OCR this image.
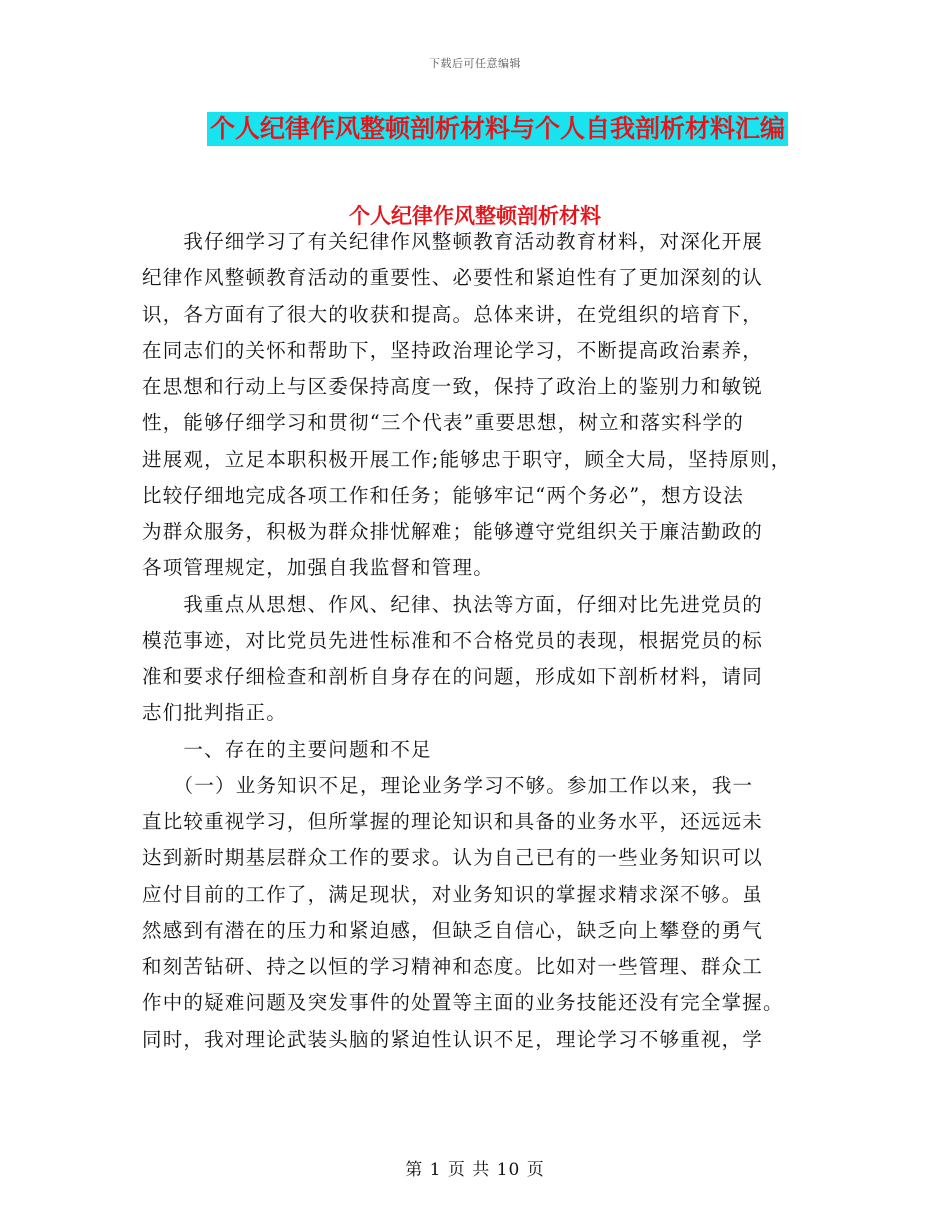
下载后可任意编辑
个人纪律作风整顿剖析材料与个人自我剖析材料汇编
个人纪律作风整顿剖析材料
　　我仔细学习了有关纪律作风整顿教育活动教育材料，对深化开展
纪律作风整顿教育活动的重要性、必要性和紧迫性有了更加深刻的认
识，各方面有了很大的收获和提高。总体来讲，在党组织的培育下，
在同志们的关怀和帮助下，坚持政治理论学习，不断提高政治素养，
在思想和行动上与区委保持高度一致，保持了政治上的鉴别力和敏锐
性，能够仔细学习和贯彻“三个代表”重要思想，树立和落实科学的
进展观，立足本职积极开展工作;能够忠于职守，顾全大局，坚持原则，
比较仔细地完成各项工作和任务；能够牢记“两个务必”，想方设法
为群众服务，积极为群众排忧解难；能够遵守党组织关于廉洁勤政的
各项管理规定，加强自我监督和管理。
　　我重点从思想、作风、纪律、执法等方面，仔细对比先进党员的
模范事迹，对比党员先进性标准和不合格党员的表现，根据党员的标
准和要求仔细检查和剖析自身存在的问题，形成如下剖析材料，请同
志们批判指正。
　　一、存在的主要问题和不足
　　（一）业务知识不足，理论业务学习不够。参加工作以来，我一
直比较重视学习，但所掌握的理论知识和具备的业务水平，还远远未
达到新时期基层群众工作的要求。认为自己已有的一些业务知识可以
应付目前的工作了，满足现状，对业务知识的掌握求精求深不够。虽
然感到有潜在的压力和紧迫感，但缺乏自信心，缺乏向上攀登的勇气
和刻苦钻研、持之以恒的学习精神和态度。比如对一些管理、群众工
作中的疑难问题及突发事件的处置等主面的业务技能还没有完全掌握。
同时，我对理论武装头脑的紧迫性认识不足，理论学习不够重视，学
第 1 页 共 10 页
